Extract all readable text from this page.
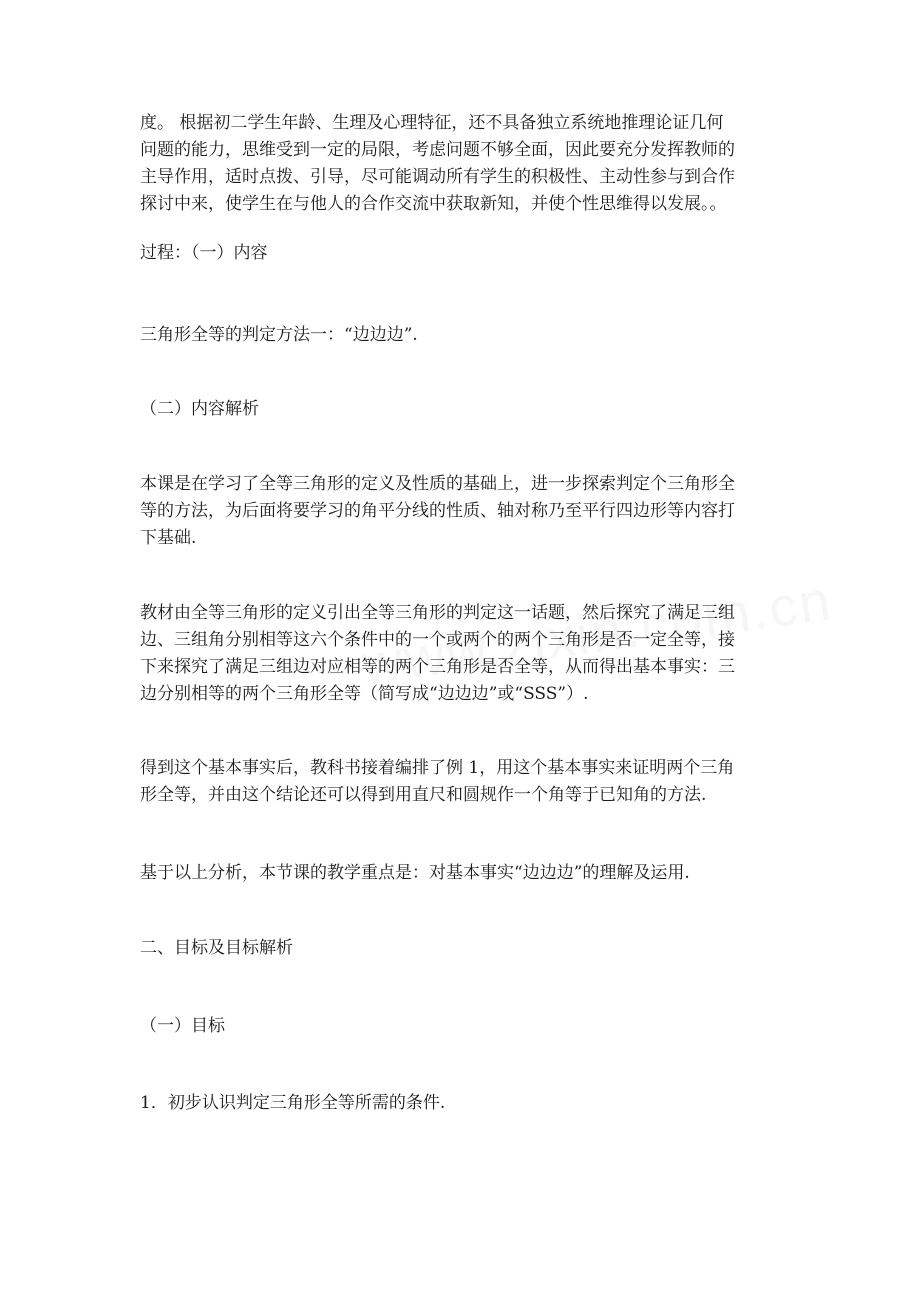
度。 根据初二学生年龄、生理及心理特征，还不具备独立系统地推理论证几何
问题的能力，思维受到一定的局限，考虑问题不够全面，因此要充分发挥教师的
主导作用，适时点拨、引导，尽可能调动所有学生的积极性、主动性参与到合作
探讨中来，使学生在与他人的合作交流中获取新知，并使个性思维得以发展。。
过程：（一）内容
三角形全等的判定方法一：“边边边”.
（二）内容解析
本课是在学习了全等三角形的定义及性质的基础上，进一步探索判定个三角形全
等的方法，为后面将要学习的角平分线的性质、轴对称乃至平行四边形等内容打
下基础.
教材由全等三角形的定义引出全等三角形的判定这一话题，然后探究了满足三组
边、三组角分别相等这六个条件中的一个或两个的两个三角形是否一定全等，接
下来探究了满足三组边对应相等的两个三角形是否全等，从而得出基本事实：三
边分别相等的两个三角形全等（简写成“边边边”或“SSS”）.
得到这个基本事实后，教科书接着编排了例 1，用这个基本事实来证明两个三角
形全等，并由这个结论还可以得到用直尺和圆规作一个角等于已知角的方法.
基于以上分析，本节课的教学重点是：对基本事实“边边边”的理解及运用.
二、目标及目标解析
（一）目标
1．初步认识判定三角形全等所需的条件.
